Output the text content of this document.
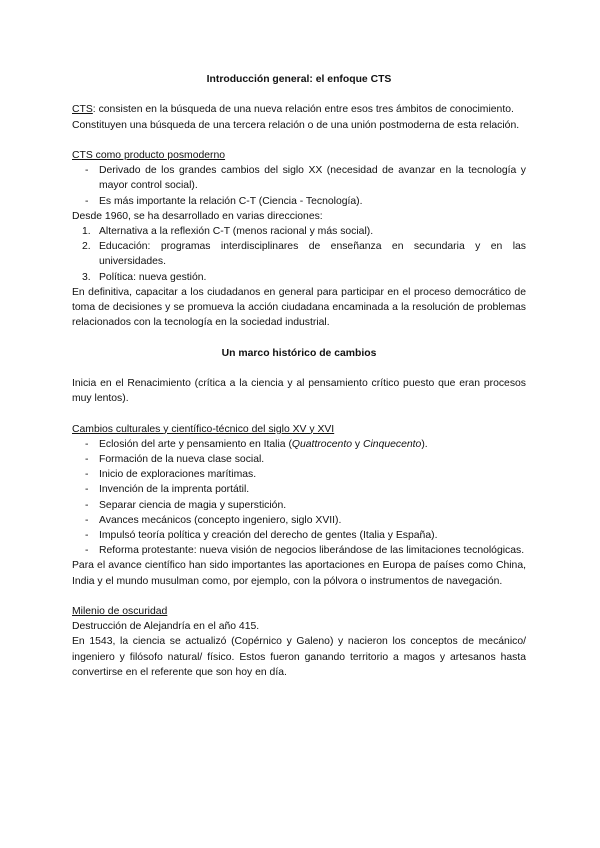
Introducción general: el enfoque CTS

CTS: consisten en la búsqueda de una nueva relación entre esos tres ámbitos de conocimiento.

Constituyen una búsqueda de una tercera relación o de una unión postmoderna de esta relación.

CTS como producto posmoderno

- Derivado de los grandes cambios del siglo XX (necesidad de avanzar en la tecnología y mayor control social).
- Es más importante la relación C-T (Ciencia - Tecnología).

Desde 1960, se ha desarrollado en varias direcciones:

1. Alternativa a la reflexión C-T (menos racional y más social).
2. Educación: programas interdisciplinares de enseñanza en secundaria y en las universidades.
3. Política: nueva gestión.

En definitiva, capacitar a los ciudadanos en general para participar en el proceso democrático de toma de decisiones y se promueva la acción ciudadana encaminada a la resolución de problemas relacionados con la tecnología en la sociedad industrial.

Un marco histórico de cambios

Inicia en el Renacimiento (crítica a la ciencia y al pensamiento crítico puesto que eran procesos muy lentos).

Cambios culturales y científico-técnico del siglo XV y XVI

- Eclosión del arte y pensamiento en Italia (Quattrocento y Cinquecento).
- Formación de la nueva clase social.
- Inicio de exploraciones marítimas.
- Invención de la imprenta portátil.
- Separar ciencia de magia y superstición.
- Avances mecánicos (concepto ingeniero, siglo XVII).
- Impulsó teoría política y creación del derecho de gentes (Italia y España).
- Reforma protestante: nueva visión de negocios liberándose de las limitaciones tecnológicas.

Para el avance científico han sido importantes las aportaciones en Europa de países como China, India y el mundo musulman como, por ejemplo, con la pólvora o instrumentos de navegación.

Milenio de oscuridad

Destrucción de Alejandría en el año 415.

En 1543, la ciencia se actualizó (Copérnico y Galeno) y nacieron los conceptos de mecánico/ ingeniero y filósofo natural/ físico. Estos fueron ganando territorio a magos y artesanos hasta convertirse en el referente que son hoy en día.
